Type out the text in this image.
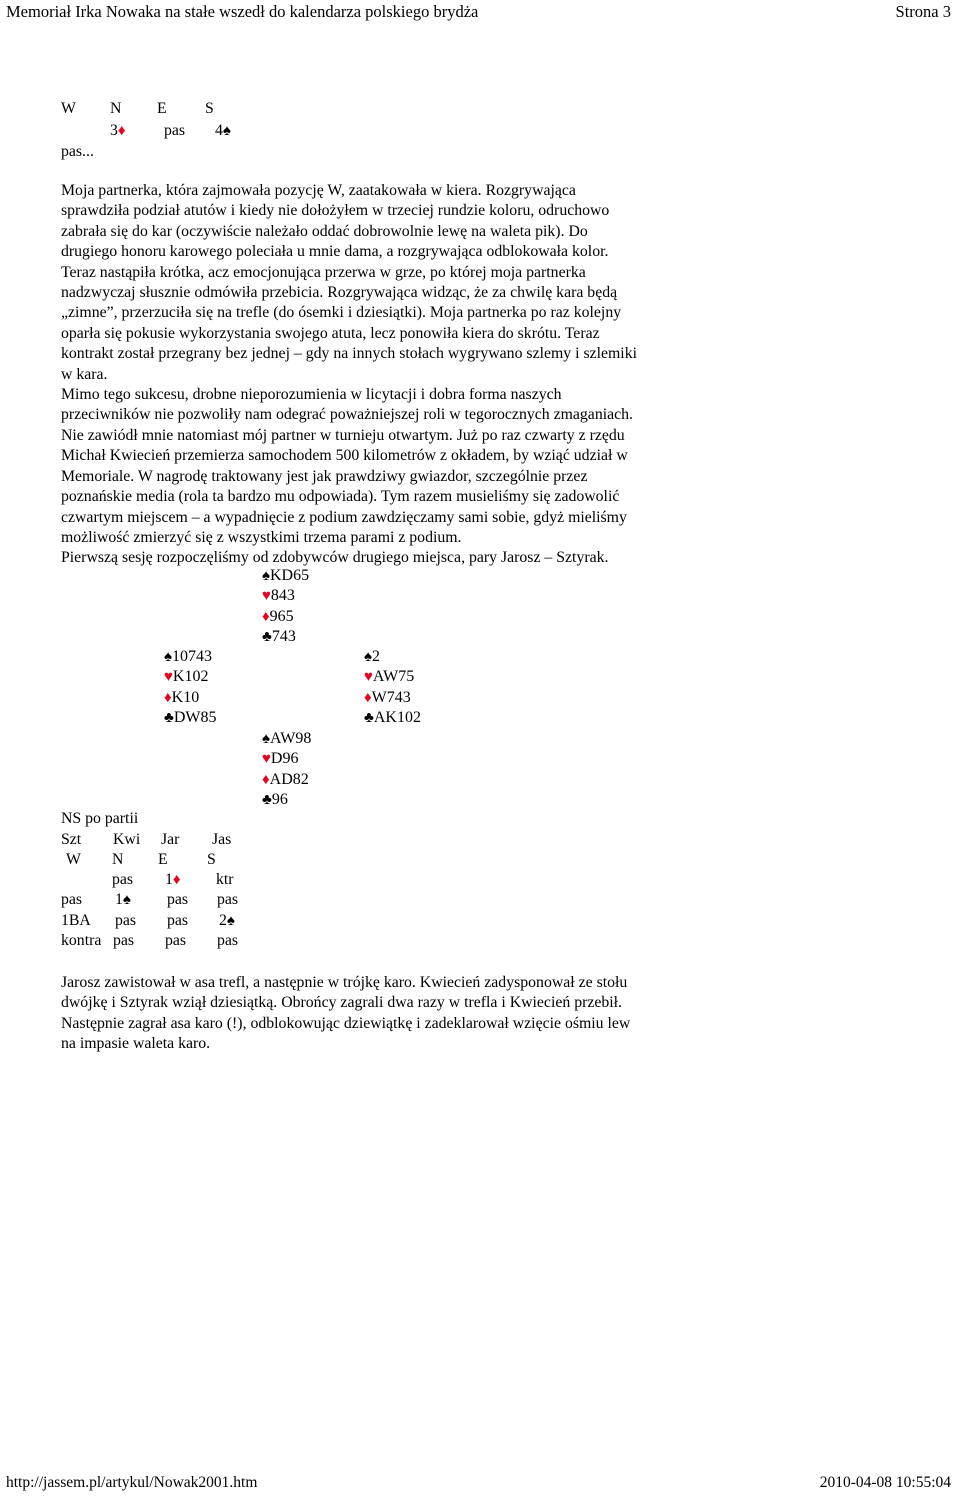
Memoriał Irka Nowaka na stałe wszedł do kalendarza polskiego brydża	Strona 3
W N E S
3♦ pas 4♠
pas...
Moja partnerka, która zajmowała pozycję W, zaatakowała w kiera. Rozgrywająca
sprawdziła podział atutów i kiedy nie dołożyłem w trzeciej rundzie koloru, odruchowo
zabrała się do kar (oczywiście należało oddać dobrowolnie lewę na waleta pik). Do
drugiego honoru karowego poleciała u mnie dama, a rozgrywająca odblokowała kolor.
Teraz nastąpiła krótka, acz emocjonująca przerwa w grze, po której moja partnerka
nadzwyczaj słusznie odmówiła przebicia. Rozgrywająca widząc, że za chwilę kara będą
„zimne”, przerzuciła się na trefle (do ósemki i dziesiątki). Moja partnerka po raz kolejny
oparła się pokusie wykorzystania swojego atuta, lecz ponowiła kiera do skrótu. Teraz
kontrakt został przegrany bez jednej – gdy na innych stołach wygrywano szlemy i szlemiki
w kara.
Mimo tego sukcesu, drobne nieporozumienia w licytacji i dobra forma naszych
przeciwników nie pozwoliły nam odegrać poważniejszej roli w tegorocznych zmaganiach.
Nie zawiódł mnie natomiast mój partner w turnieju otwartym. Już po raz czwarty z rzędu
Michał Kwiecień przemierza samochodem 500 kilometrów z okładem, by wziąć udział w
Memoriale. W nagrodę traktowany jest jak prawdziwy gwiazdor, szczególnie przez
poznańskie media (rola ta bardzo mu odpowiada). Tym razem musieliśmy się zadowolić
czwartym miejscem – a wypadnięcie z podium zawdzięczamy sami sobie, gdyż mieliśmy
możliwość zmierzyć się z wszystkimi trzema parami z podium.
Pierwszą sesję rozpoczęliśmy od zdobywców drugiego miejsca, pary Jarosz – Sztyrak.
♠KD65
♥843
♦965
♣743
♠10743
♥K102
♦K10
♣DW85
♠2
♥AW75
♦W743
♣AK102
♠AW98
♥D96
♦AD82
♣96
NS po partii
Szt Kwi Jar Jas
W N E S
pas 1♦ ktr
pas 1♠ pas pas
1BA pas pas 2♠
kontra pas pas pas
Jarosz zawistował w asa trefl, a następnie w trójkę karo. Kwiecień zadysponował ze stołu
dwójkę i Sztyrak wziął dziesiątką. Obrońcy zagrali dwa razy w trefla i Kwiecień przebił.
Następnie zagrał asa karo (!), odblokowując dziewiątkę i zadeklarował wzięcie ośmiu lew
na impasie waleta karo.
http://jassem.pl/artykul/Nowak2001.htm	2010-04-08 10:55:04
